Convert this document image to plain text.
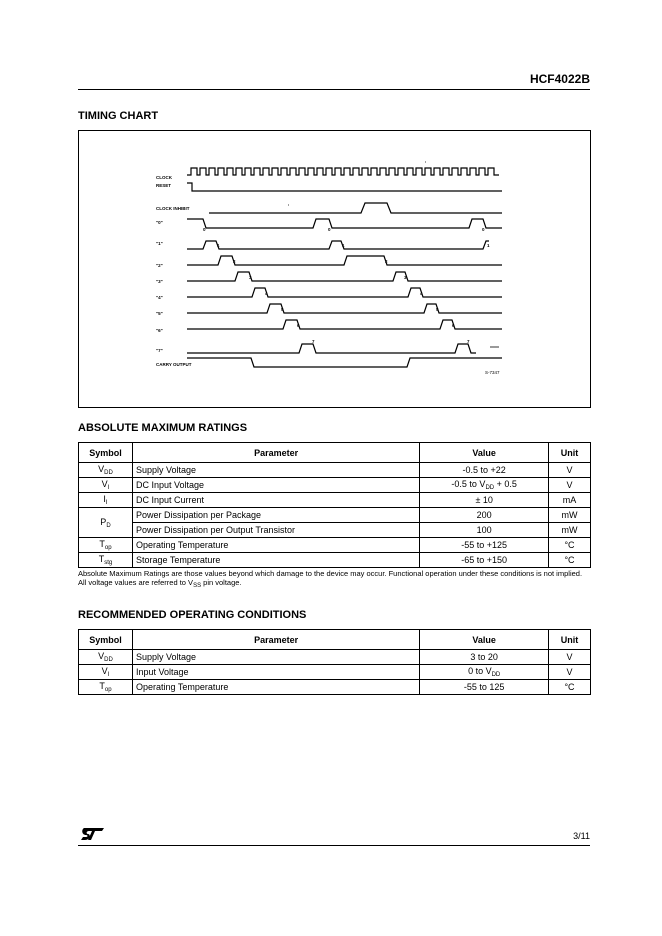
HCF4022B
TIMING CHART
CLOCK
RESET
CLOCK INHIBIT
"0"
"1"
"2"
"3"
"4"
"5"
"6"
"7"
CARRY OUTPUT
S-7347
0	0	0
1	1	1
2	2
3	3
4	4
5	5
6	6
7	7
ABSOLUTE MAXIMUM RATINGS
Symbol	Parameter	Value	Unit
$V_{DD}$	Supply Voltage	-0.5 to +22	V
$V_I$	DC Input Voltage	-0.5 to $V_{DD} + 0.5$	V
$I_I$	DC Input Current	± 10	mA
$P_D$	Power Dissipation per Package	200	mW
	Power Dissipation per Output Transistor	100	mW
$T_{op}$	Operating Temperature	-55 to +125	°C
$T_{stg}$	Storage Temperature	-65 to +150	°C
Absolute Maximum Ratings are those values beyond which damage to the device may occur. Functional operation under these conditions is not implied.
All voltage values are referred to $V_{SS}$ pin voltage.
RECOMMENDED OPERATING CONDITIONS
Symbol	Parameter	Value	Unit
$V_{DD}$	Supply Voltage	3 to 20	V
$V_I$	Input Voltage	0 to $V_{DD}$	V
$T_{op}$	Operating Temperature	-55 to 125	°C
3/11
